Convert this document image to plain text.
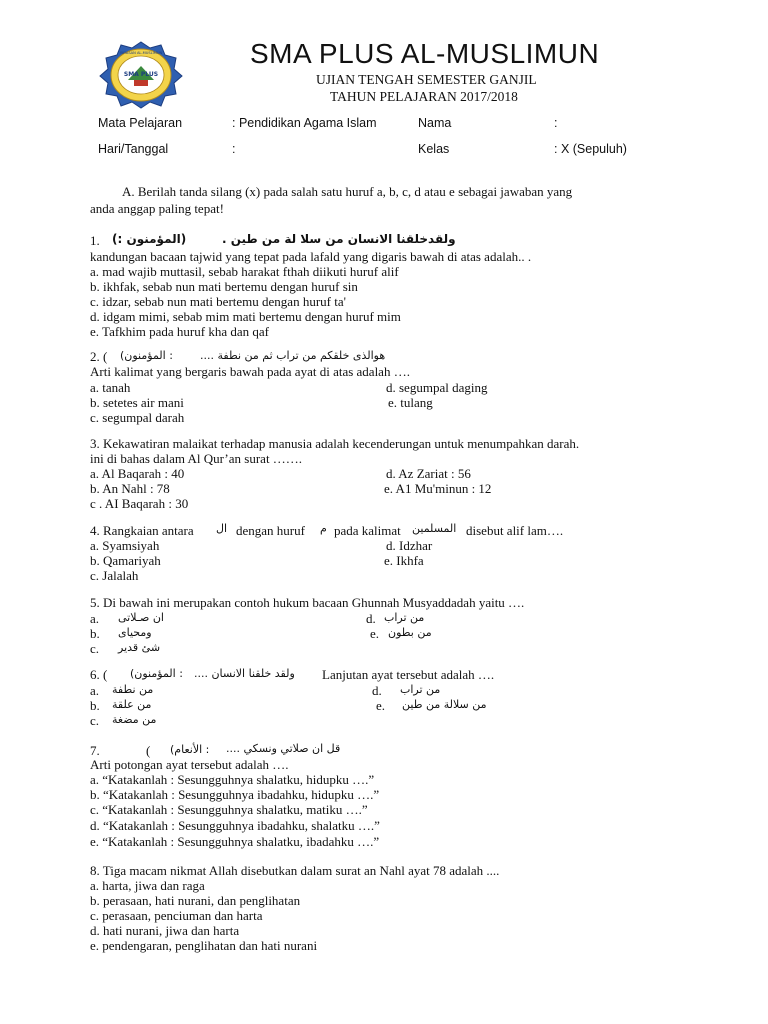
SMA PLUS
YAYASAN AL-MUSLIMUN	SMA PLUS AL-MUSLIMUN
UJIAN TENGAH SEMESTER GANJIL
TAHUN PELAJARAN 2017/2018
Mata Pelajaran	: Pendidikan Agama Islam	Nama	:
Hari/Tanggal	:	Kelas	: X (Sepuluh)
A. Berilah tanda silang (x) pada salah satu huruf a, b, c, d atau e sebagai jawaban yang
anda anggap paling tepat!
1. (المؤمنون :)	ولقدخلقنا الانسان من سلا لة من طين .
kandungan bacaan tajwid yang tepat pada lafald yang digaris bawah di atas adalah.. .
a. mad wajib muttasil, sebab harakat fthah diikuti huruf alif
b. ikhfak, sebab nun mati bertemu dengan huruf sin
c. idzar, sebab nun mati bertemu dengan huruf ta'
d. idgam mimi, sebab mim mati bertemu dengan huruf mim
e. Tafkhim pada huruf kha dan qaf
2. ( : المؤمنون) هوالذى خلقكم من تراب ثم من نطفة ....
Arti kalimat yang bergaris bawah pada ayat di atas adalah ….
a. tanah
b. setetes air mani
c. segumpal darah
d. segumpal daging
e. tulang
3. Kekawatiran malaikat terhadap manusia adalah kecenderungan untuk menumpahkan darah.
ini di bahas dalam Al Qur’an surat …….
a. Al Baqarah : 40
b. An Nahl : 78
c . AI Baqarah : 30
d. Az Zariat : 56
e. A1 Mu'minun : 12
4. Rangkaian antara ال dengan huruf م pada kalimat المسلمين disebut alif lam….
a. Syamsiyah
b. Qamariyah
c. Jalalah
d. Idzhar
e. Ikhfa
5. Di bawah ini merupakan contoh hukum bacaan Ghunnah Musyaddadah yaitu ….
a. ان صـلاتى
b. ومحياى
c. شئ قدير
d. من تراب
e. من بطون
6. ( : المؤمنون) ولقد خلقنا الانسان .... Lanjutan ayat tersebut adalah ….
a. من نطفة
b. من علقة
c. من مضغة
d. من تراب
e. من سلالة من طين
7.	( : الأنعام) قل ان صلاتي ونسكي ....
Arti potongan ayat tersebut adalah ….
a. “Katakanlah : Sesungguhnya shalatku, hidupku ….”
b. “Katakanlah : Sesungguhnya ibadahku, hidupku ….”
c. “Katakanlah : Sesungguhnya shalatku, matiku ….”
d. “Katakanlah : Sesungguhnya ibadahku, shalatku ….”
e. “Katakanlah : Sesungguhnya shalatku, ibadahku ….”
8. Tiga macam nikmat Allah disebutkan dalam surat an Nahl ayat 78 adalah ....
a. harta, jiwa dan raga
b. perasaan, hati nurani, dan penglihatan
c. perasaan, penciuman dan harta
d. hati nurani, jiwa dan harta
e. pendengaran, penglihatan dan hati nurani
